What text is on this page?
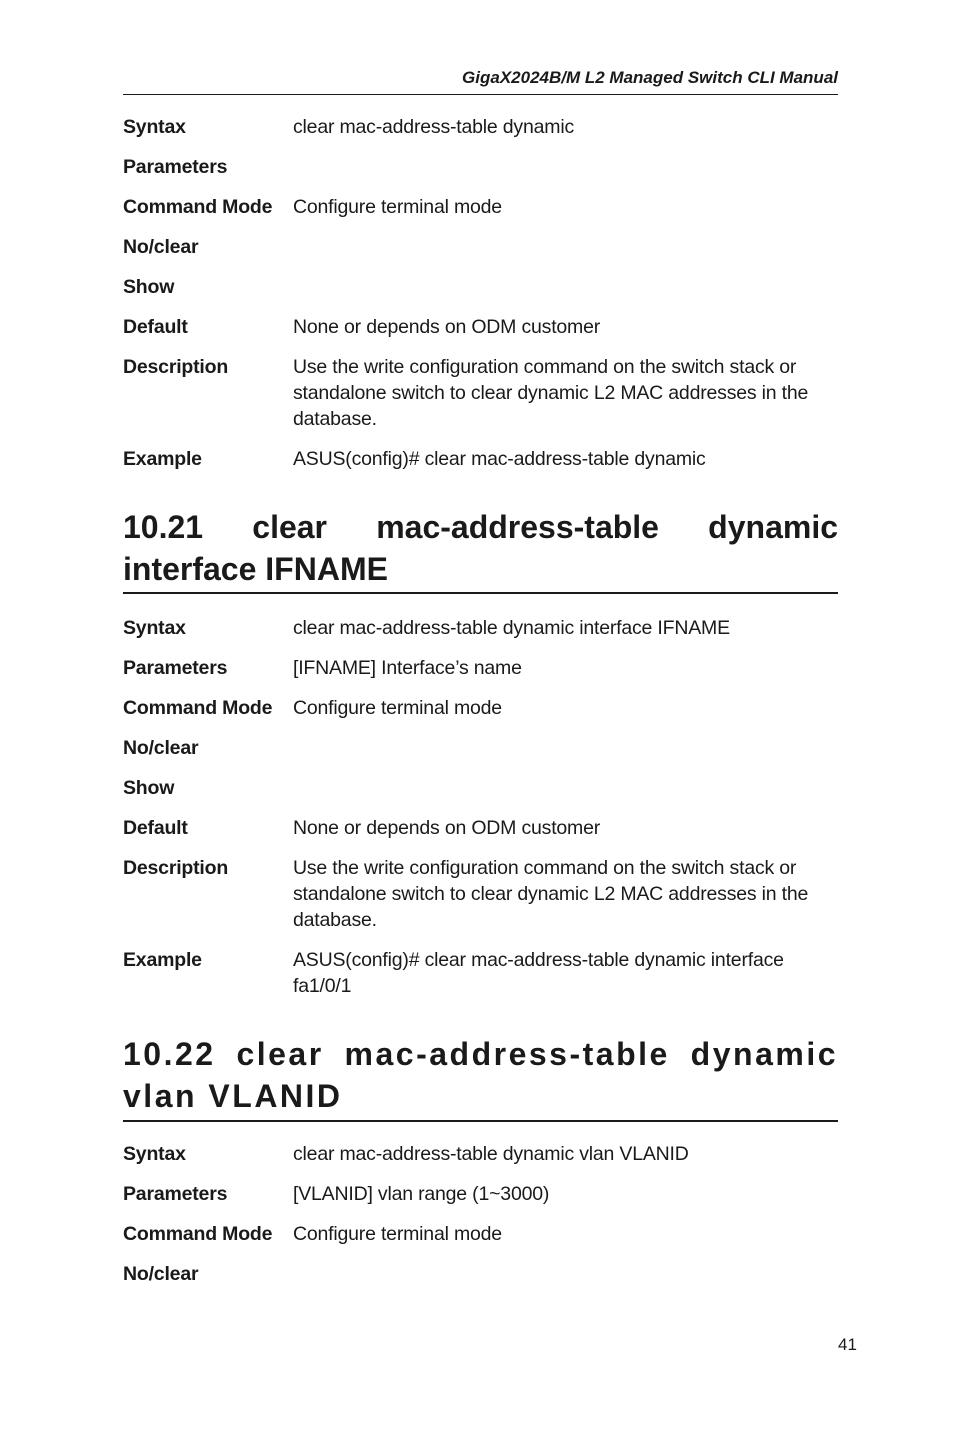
GigaX2024B/M L2 Managed Switch CLI Manual
Syntax	clear mac-address-table dynamic
Parameters
Command Mode	Configure terminal mode
No/clear
Show
Default	None or depends on ODM customer
Description	Use the write configuration command on the switch stack or standalone switch to clear dynamic L2 MAC addresses in the database.
Example	ASUS(config)# clear mac-address-table dynamic
10.21 clear mac-address-table dynamic interface IFNAME
Syntax	clear mac-address-table dynamic interface IFNAME
Parameters	[IFNAME] Interface’s name
Command Mode	Configure terminal mode
No/clear
Show
Default	None or depends on ODM customer
Description	Use the write configuration command on the switch stack or standalone switch to clear dynamic L2 MAC addresses in the database.
Example	ASUS(config)# clear mac-address-table dynamic interface fa1/0/1
10.22 clear mac-address-table dynamic vlan VLANID
Syntax	clear mac-address-table dynamic vlan VLANID
Parameters	[VLANID] vlan range (1~3000)
Command Mode	Configure terminal mode
No/clear
41
